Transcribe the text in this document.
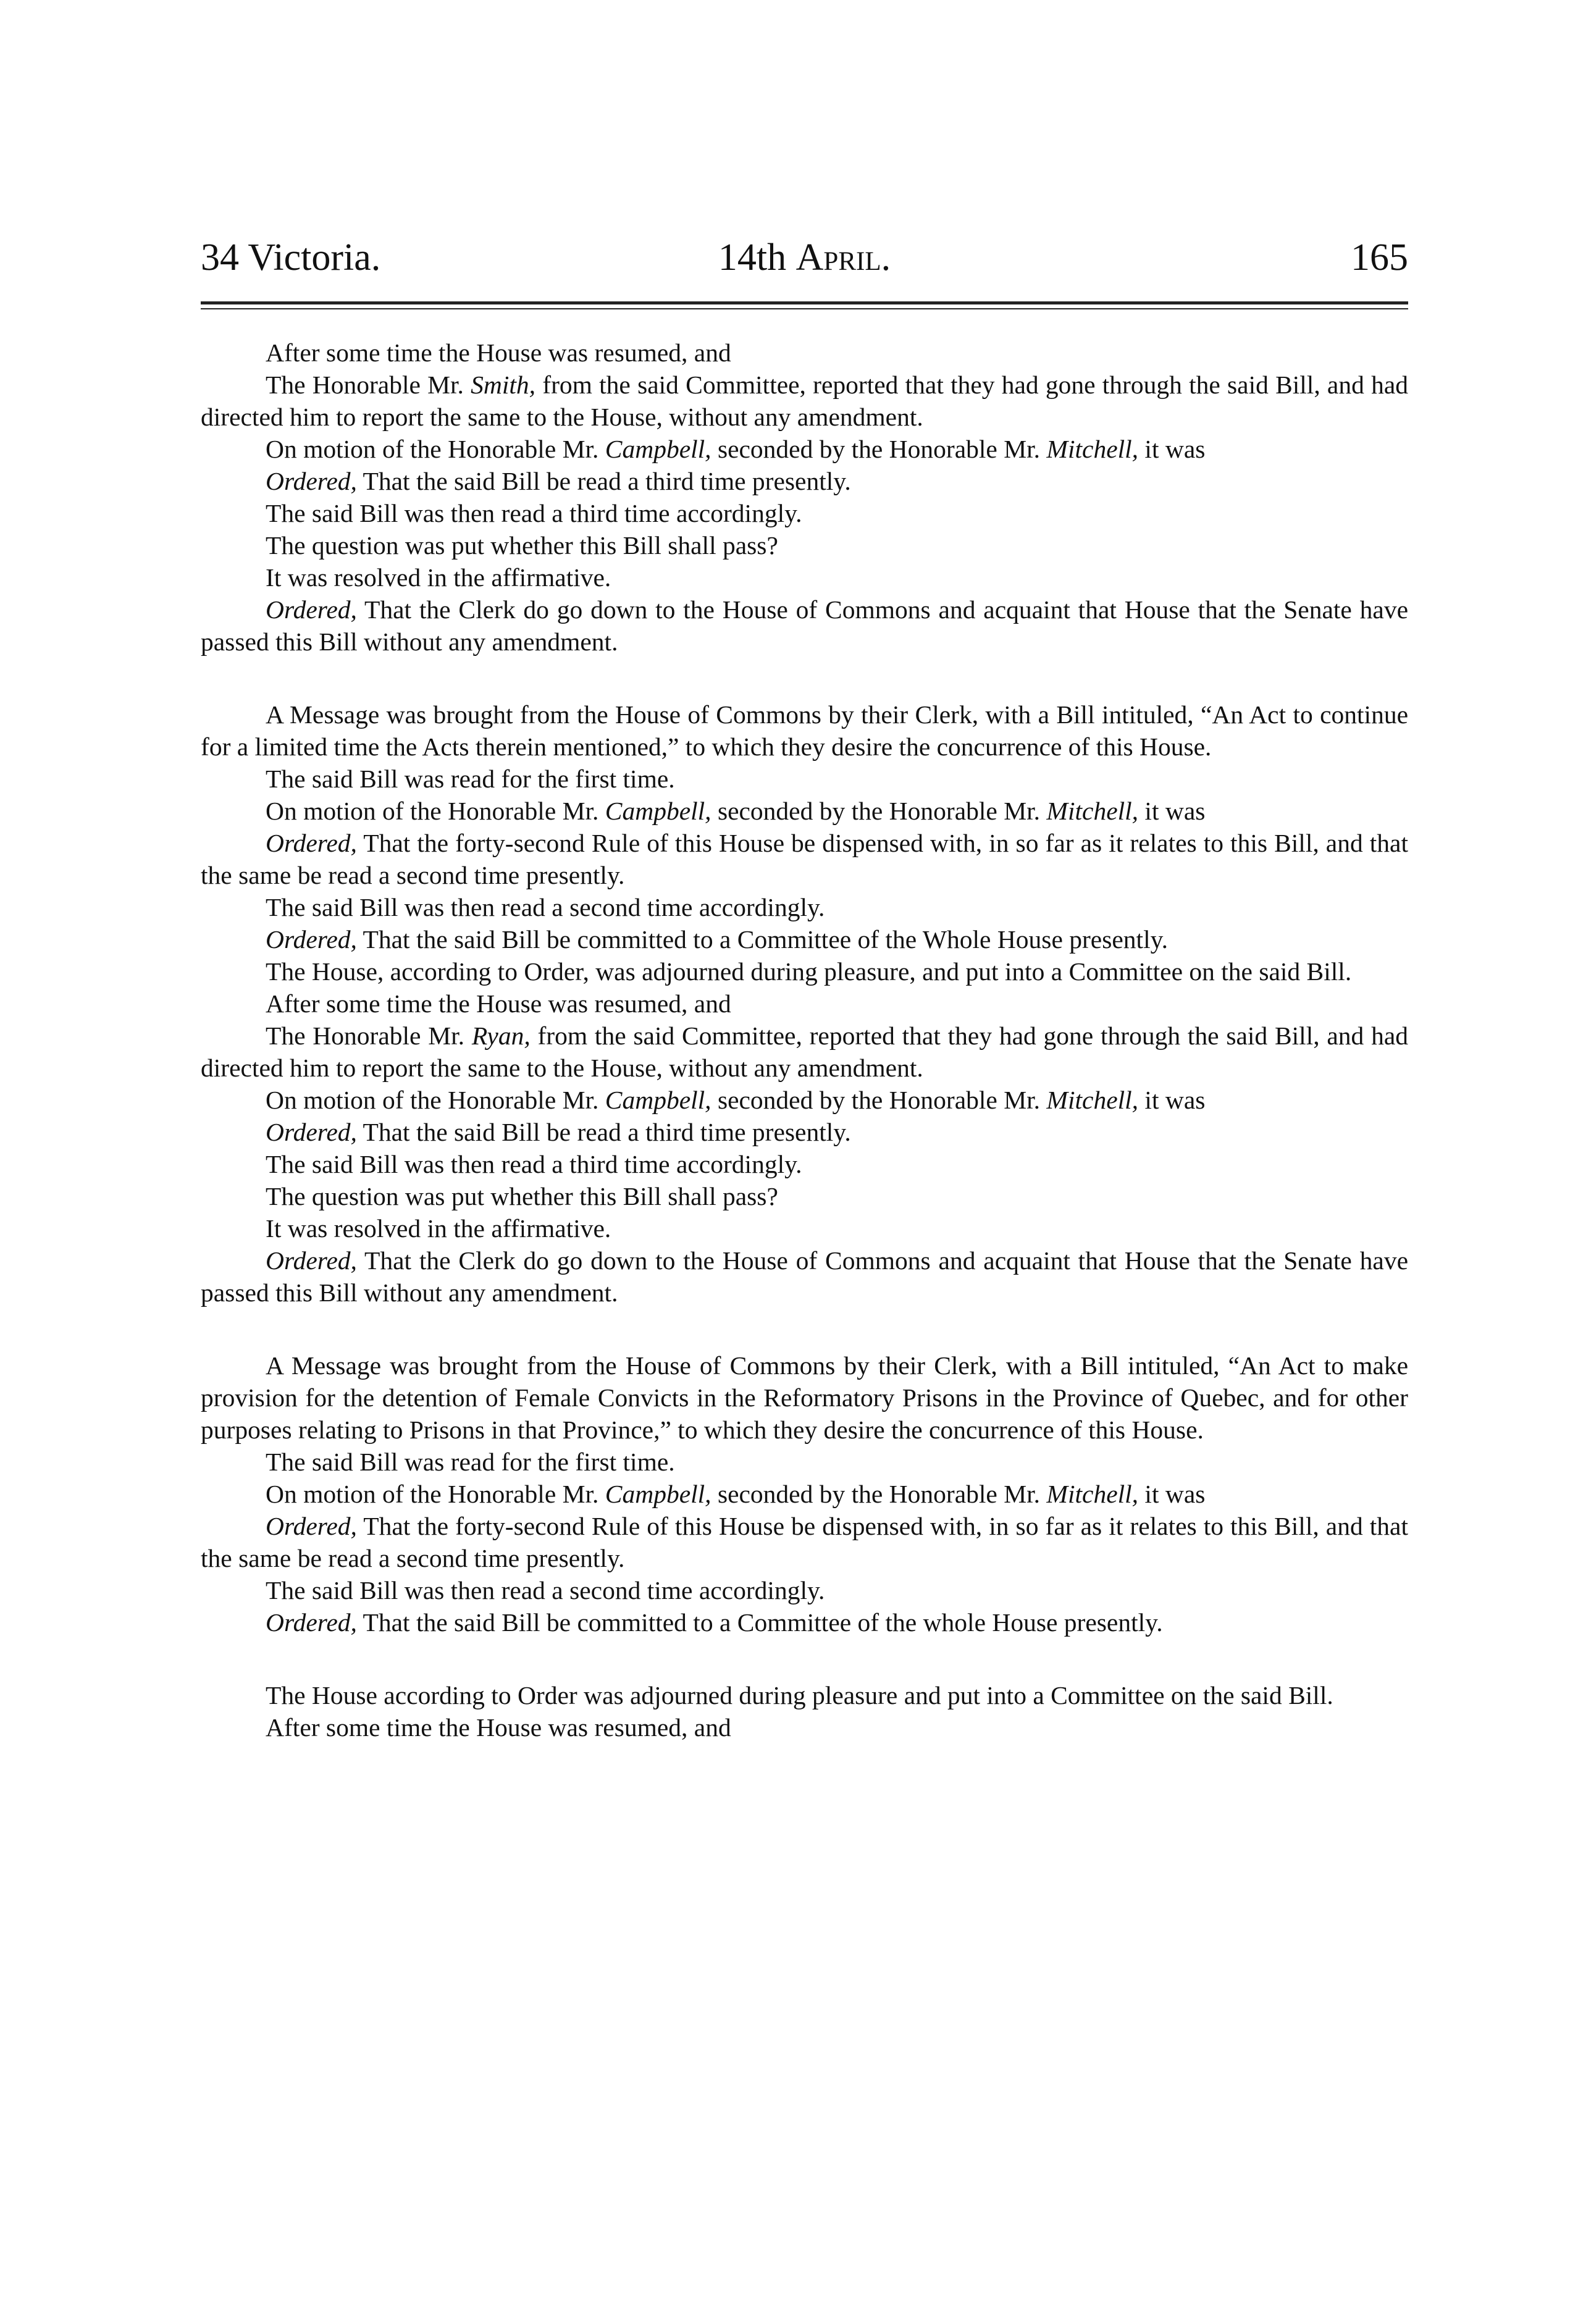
34 Victoria.	14th April.	165

After some time the House was resumed, and

The Honorable Mr. Smith, from the said Committee, reported that they had gone through the said Bill, and had directed him to report the same to the House, without any amendment.

On motion of the Honorable Mr. Campbell, seconded by the Honorable Mr. Mitchell, it was

Ordered, That the said Bill be read a third time presently.

The said Bill was then read a third time accordingly.

The question was put whether this Bill shall pass?

It was resolved in the affirmative.

Ordered, That the Clerk do go down to the House of Commons and acquaint that House that the Senate have passed this Bill without any amendment.

A Message was brought from the House of Commons by their Clerk, with a Bill intituled, “An Act to continue for a limited time the Acts therein mentioned,” to which they desire the concurrence of this House.

The said Bill was read for the first time.

On motion of the Honorable Mr. Campbell, seconded by the Honorable Mr. Mitchell, it was

Ordered, That the forty-second Rule of this House be dispensed with, in so far as it relates to this Bill, and that the same be read a second time presently.

The said Bill was then read a second time accordingly.

Ordered, That the said Bill be committed to a Committee of the Whole House presently.

The House, according to Order, was adjourned during pleasure, and put into a Committee on the said Bill.

After some time the House was resumed, and

The Honorable Mr. Ryan, from the said Committee, reported that they had gone through the said Bill, and had directed him to report the same to the House, without any amendment.

On motion of the Honorable Mr. Campbell, seconded by the Honorable Mr. Mitchell, it was

Ordered, That the said Bill be read a third time presently.

The said Bill was then read a third time accordingly.

The question was put whether this Bill shall pass?

It was resolved in the affirmative.

Ordered, That the Clerk do go down to the House of Commons and acquaint that House that the Senate have passed this Bill without any amendment.

A Message was brought from the House of Commons by their Clerk, with a Bill intituled, “An Act to make provision for the detention of Female Convicts in the Reformatory Prisons in the Province of Quebec, and for other purposes relating to Prisons in that Province,” to which they desire the concurrence of this House.

The said Bill was read for the first time.

On motion of the Honorable Mr. Campbell, seconded by the Honorable Mr. Mitchell, it was

Ordered, That the forty-second Rule of this House be dispensed with, in so far as it relates to this Bill, and that the same be read a second time presently.

The said Bill was then read a second time accordingly.

Ordered, That the said Bill be committed to a Committee of the whole House presently.

The House according to Order was adjourned during pleasure and put into a Committee on the said Bill.

After some time the House was resumed, and
